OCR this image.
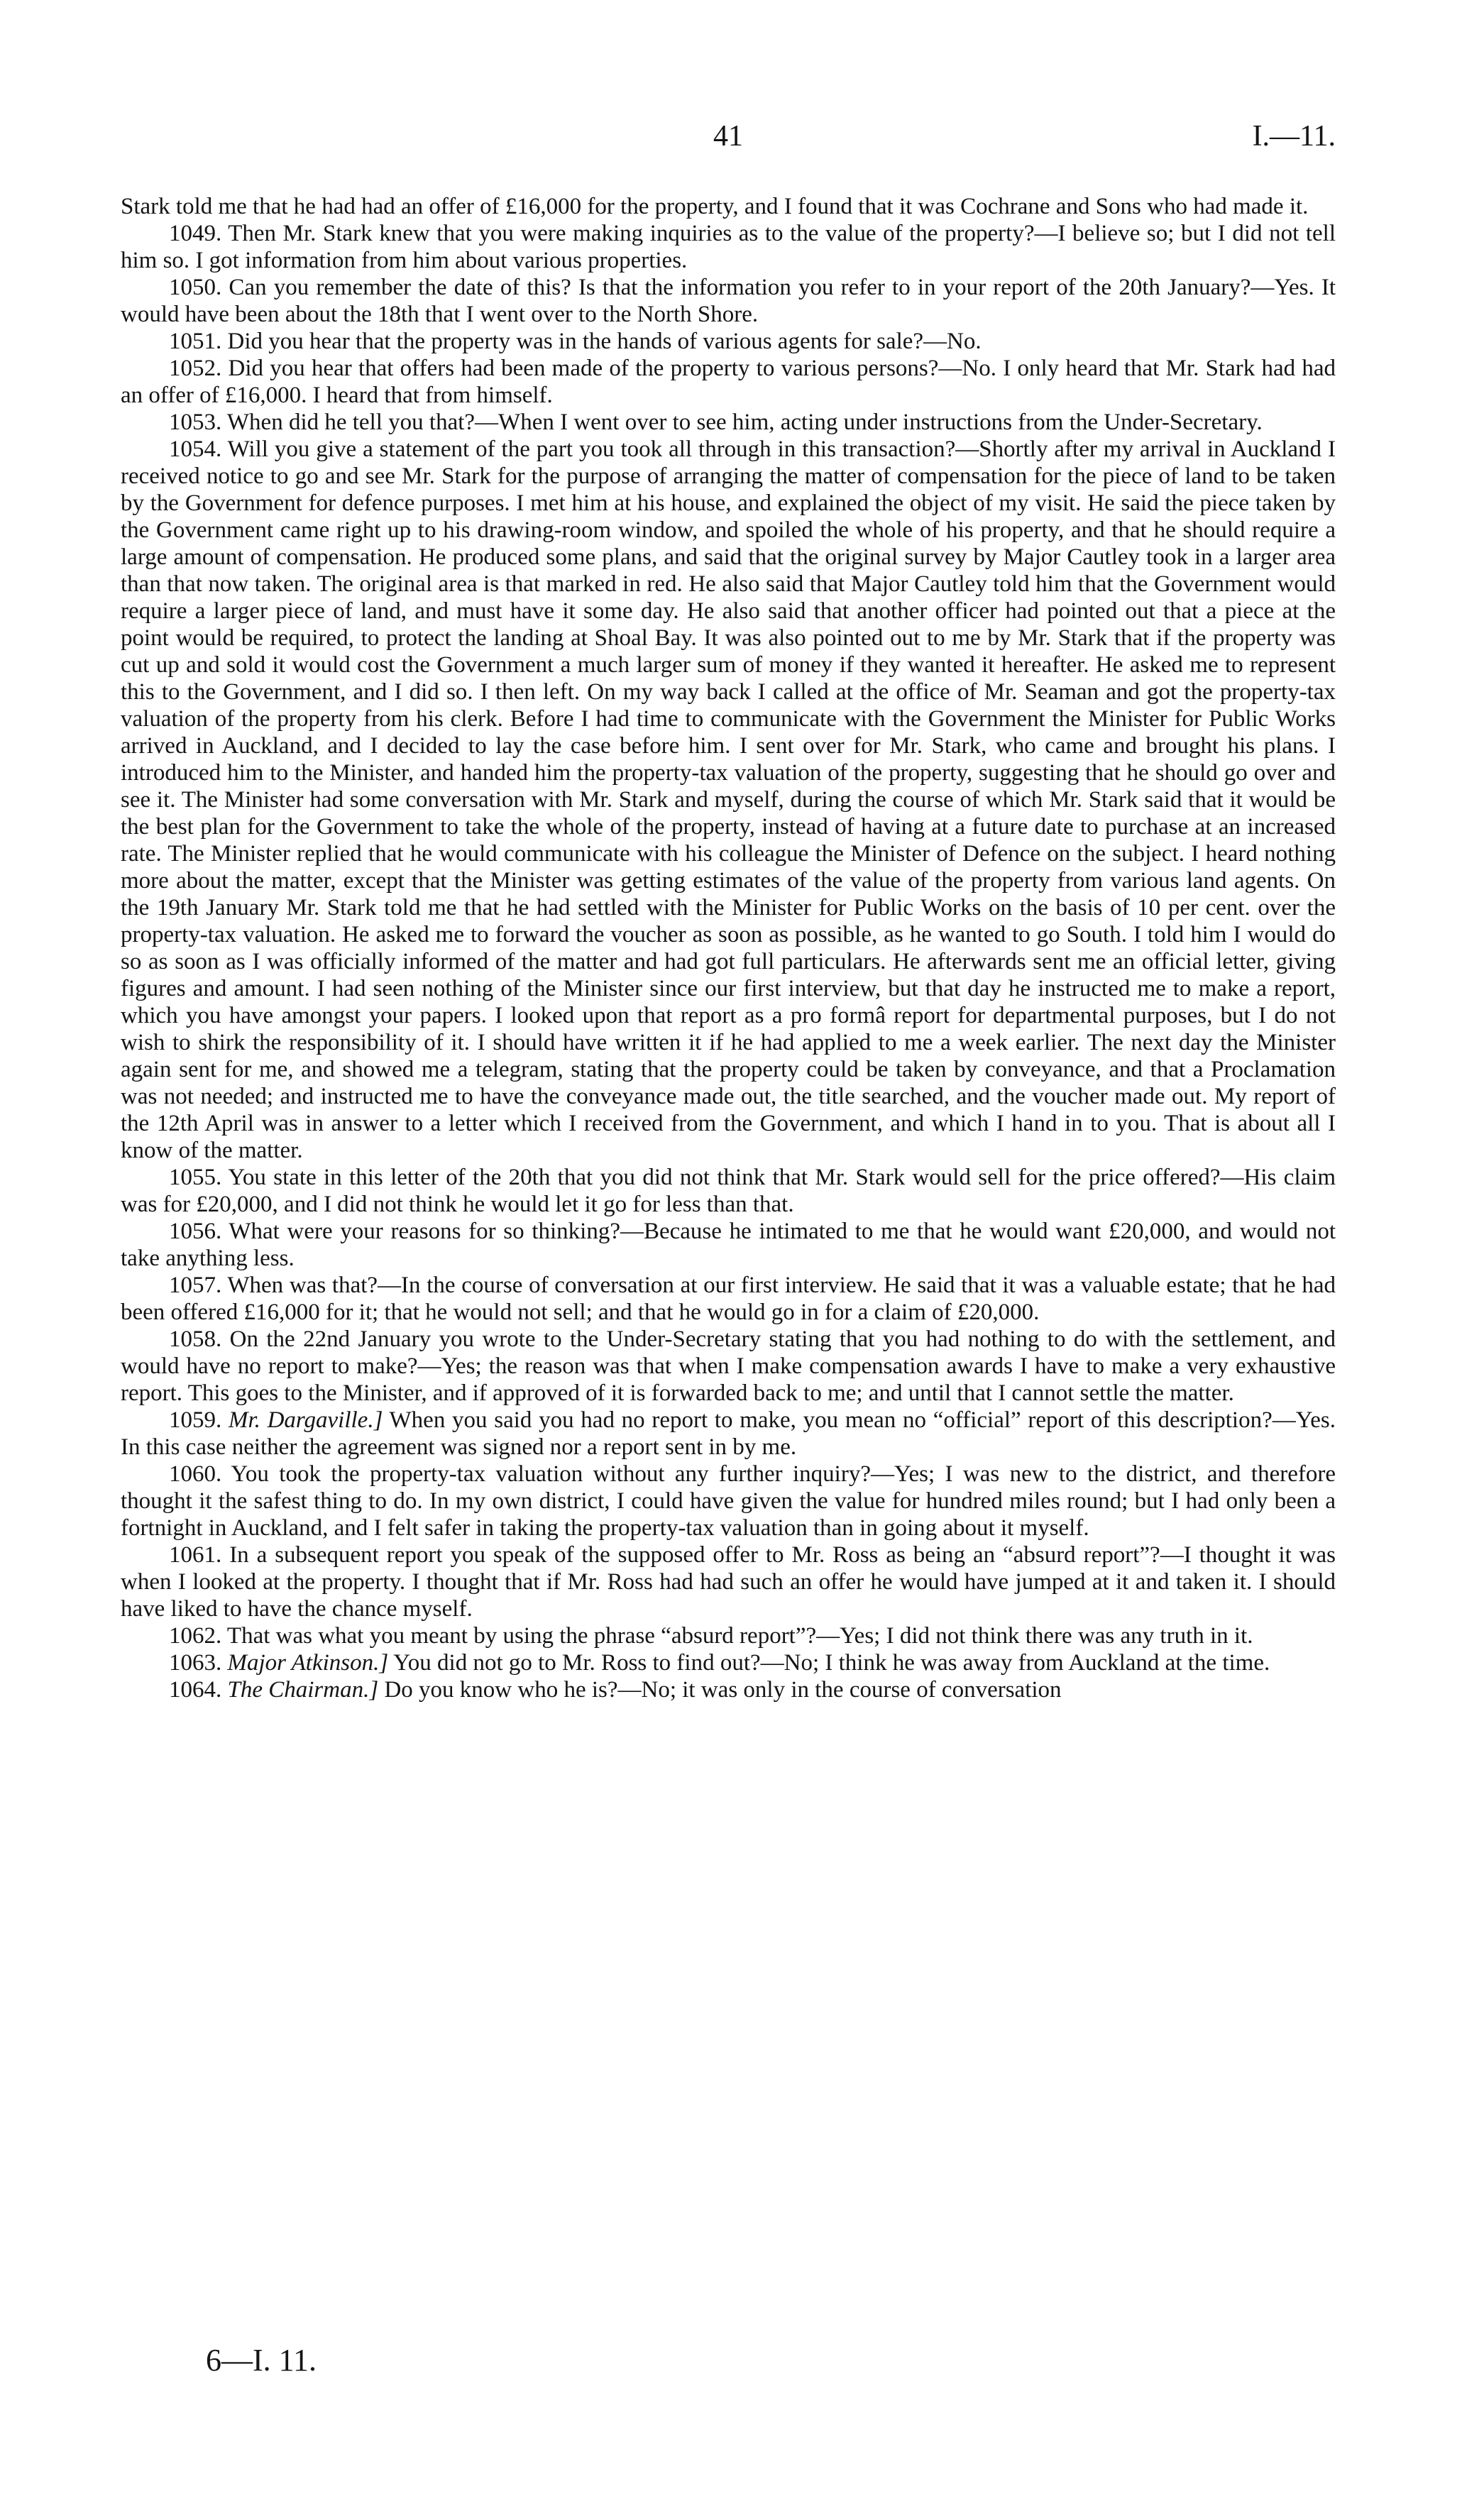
41	I.—11.

Stark told me that he had had an offer of £16,000 for the property, and I found that it was Cochrane and Sons who had made it.

1049. Then Mr. Stark knew that you were making inquiries as to the value of the property?—I believe so; but I did not tell him so. I got information from him about various properties.

1050. Can you remember the date of this? Is that the information you refer to in your report of the 20th January?—Yes. It would have been about the 18th that I went over to the North Shore.

1051. Did you hear that the property was in the hands of various agents for sale?—No.

1052. Did you hear that offers had been made of the property to various persons?—No. I only heard that Mr. Stark had had an offer of £16,000. I heard that from himself.

1053. When did he tell you that?—When I went over to see him, acting under instructions from the Under-Secretary.

1054. Will you give a statement of the part you took all through in this transaction?—Shortly after my arrival in Auckland I received notice to go and see Mr. Stark for the purpose of arranging the matter of compensation for the piece of land to be taken by the Government for defence purposes. I met him at his house, and explained the object of my visit. He said the piece taken by the Government came right up to his drawing-room window, and spoiled the whole of his property, and that he should require a large amount of compensation. He produced some plans, and said that the original survey by Major Cautley took in a larger area than that now taken. The original area is that marked in red. He also said that Major Cautley told him that the Government would require a larger piece of land, and must have it some day. He also said that another officer had pointed out that a piece at the point would be required, to protect the landing at Shoal Bay. It was also pointed out to me by Mr. Stark that if the property was cut up and sold it would cost the Government a much larger sum of money if they wanted it hereafter. He asked me to represent this to the Government, and I did so. I then left. On my way back I called at the office of Mr. Seaman and got the property-tax valuation of the property from his clerk. Before I had time to communicate with the Government the Minister for Public Works arrived in Auckland, and I decided to lay the case before him. I sent over for Mr. Stark, who came and brought his plans. I introduced him to the Minister, and handed him the property-tax valuation of the property, suggesting that he should go over and see it. The Minister had some conversation with Mr. Stark and myself, during the course of which Mr. Stark said that it would be the best plan for the Government to take the whole of the property, instead of having at a future date to purchase at an increased rate. The Minister replied that he would communicate with his colleague the Minister of Defence on the subject. I heard nothing more about the matter, except that the Minister was getting estimates of the value of the property from various land agents. On the 19th January Mr. Stark told me that he had settled with the Minister for Public Works on the basis of 10 per cent. over the property-tax valuation. He asked me to forward the voucher as soon as possible, as he wanted to go South. I told him I would do so as soon as I was officially informed of the matter and had got full particulars. He afterwards sent me an official letter, giving figures and amount. I had seen nothing of the Minister since our first interview, but that day he instructed me to make a report, which you have amongst your papers. I looked upon that report as a pro formâ report for departmental purposes, but I do not wish to shirk the responsibility of it. I should have written it if he had applied to me a week earlier. The next day the Minister again sent for me, and showed me a telegram, stating that the property could be taken by conveyance, and that a Proclamation was not needed; and instructed me to have the conveyance made out, the title searched, and the voucher made out. My report of the 12th April was in answer to a letter which I received from the Government, and which I hand in to you. That is about all I know of the matter.

1055. You state in this letter of the 20th that you did not think that Mr. Stark would sell for the price offered?—His claim was for £20,000, and I did not think he would let it go for less than that.

1056. What were your reasons for so thinking?—Because he intimated to me that he would want £20,000, and would not take anything less.

1057. When was that?—In the course of conversation at our first interview. He said that it was a valuable estate; that he had been offered £16,000 for it; that he would not sell; and that he would go in for a claim of £20,000.

1058. On the 22nd January you wrote to the Under-Secretary stating that you had nothing to do with the settlement, and would have no report to make?—Yes; the reason was that when I make compensation awards I have to make a very exhaustive report. This goes to the Minister, and if approved of it is forwarded back to me; and until that I cannot settle the matter.

1059. Mr. Dargaville.] When you said you had no report to make, you mean no “official” report of this description?—Yes. In this case neither the agreement was signed nor a report sent in by me.

1060. You took the property-tax valuation without any further inquiry?—Yes; I was new to the district, and therefore thought it the safest thing to do. In my own district, I could have given the value for hundred miles round; but I had only been a fortnight in Auckland, and I felt safer in taking the property-tax valuation than in going about it myself.

1061. In a subsequent report you speak of the supposed offer to Mr. Ross as being an “absurd report”?—I thought it was when I looked at the property. I thought that if Mr. Ross had had such an offer he would have jumped at it and taken it. I should have liked to have the chance myself.

1062. That was what you meant by using the phrase “absurd report”?—Yes; I did not think there was any truth in it.

1063. Major Atkinson.] You did not go to Mr. Ross to find out?—No; I think he was away from Auckland at the time.

1064. The Chairman.] Do you know who he is?—No; it was only in the course of conversation

6—I. 11.
